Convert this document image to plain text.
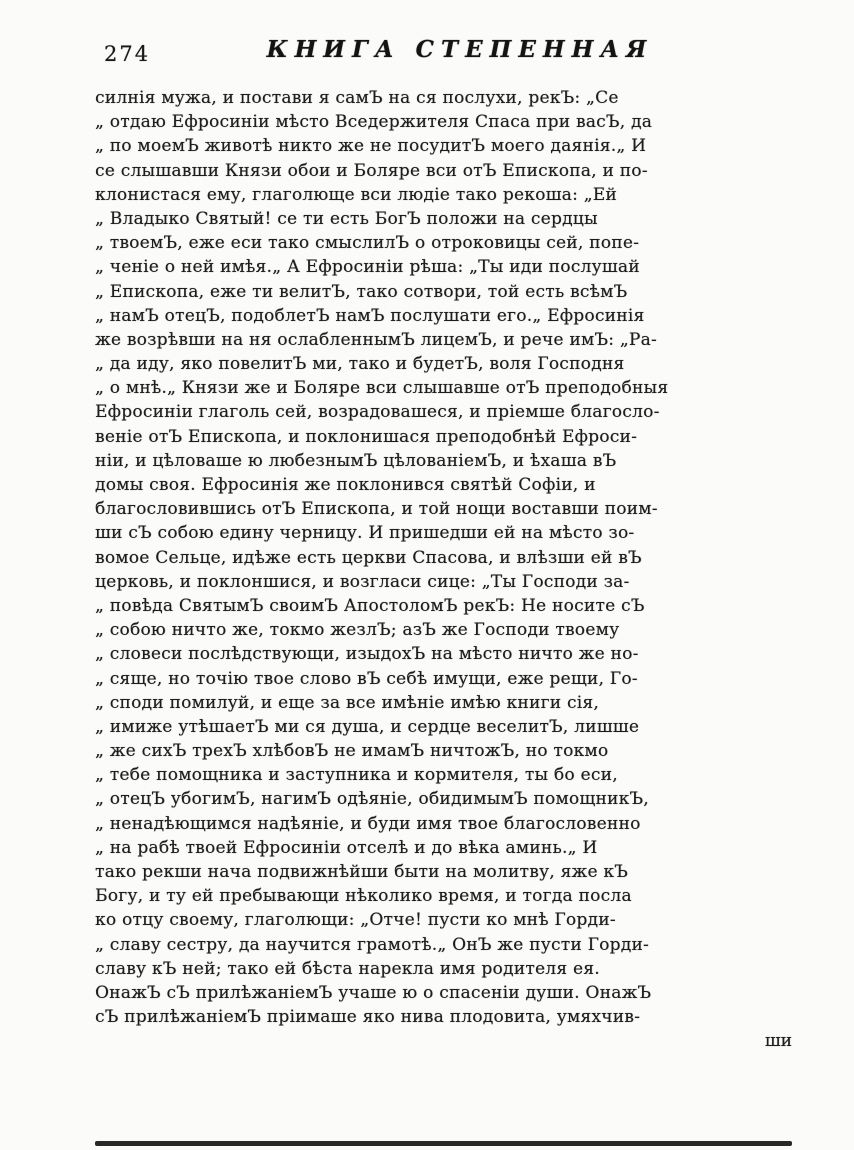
274	КНИГА СТЕПЕННАЯ
силнія мужа, и постави я самЪ на ся послухи, рекЪ: „Се
„ отдаю Ефросиніи мѣсто Вседержителя Спаса при васЪ, да
„ по моемЪ животѣ никто же не посудитЪ моего даянія.„ И
се слышавши Князи обои и Боляре вси отЪ Епископа, и по-
клонистася ему, глаголюще вси людіе тако рекоша: „Ей
„ Владыко Святый! се ти есть БогЪ положи на сердцы
„ твоемЪ, еже еси тако смыслилЪ о отроковицы сей, попе-
„ ченіе о ней имѣя.„ А Ефросиніи рѣша: „Ты иди послушай
„ Епископа, еже ти велитЪ, тако сотвори, той есть всѣмЪ
„ намЪ отецЪ, подоблетЪ намЪ послушати его.„ Ефросинія
же возрѣвши на ня ослабленнымЪ лицемЪ, и рече имЪ: „Ра-
„ да иду, яко повелитЪ ми, тако и будетЪ, воля Господня
„ о мнѣ.„ Князи же и Боляре вси слышавше отЪ преподобныя
Ефросиніи глаголь сей, возрадовашеся, и пріемше благосло-
веніе отЪ Епископа, и поклонишася преподобнѣй Ефроси-
ніи, и цѣловаше ю любезнымЪ цѣлованіемЪ, и ѣхаша вЪ
домы своя. Ефросинія же поклонився святѣй Софіи, и
благословившись отЪ Епископа, и той нощи воставши поим-
ши сЪ собою едину черницу. И пришедши ей на мѣсто зо-
вомое Сельце, идѣже есть церкви Спасова, и влѣзши ей вЪ
церковь, и поклоншися, и возгласи сице: „Ты Господи за-
„ повѣда СвятымЪ своимЪ АпостоломЪ рекЪ: Не носите сЪ
„ собою ничто же, токмо жезлЪ; азЪ же Господи твоему
„ словеси послѣдствующи, изыдохЪ на мѣсто ничто же но-
„ сяще, но точію твое слово вЪ себѣ имущи, еже рещи, Го-
„ споди помилуй, и еще за все имѣніе имѣю книги сія,
„ имиже утѣшаетЪ ми ся душа, и сердце веселитЪ, лишше
„ же сихЪ трехЪ хлѣбовЪ не имамЪ ничтожЪ, но токмо
„ тебе помощника и заступника и кормителя, ты бо еси,
„ отецЪ убогимЪ, нагимЪ одѣяніе, обидимымЪ помощникЪ,
„ ненадѣющимся надѣяніе, и буди имя твое благословенно
„ на рабѣ твоей Ефросиніи отселѣ и до вѣка аминь.„ И
тако рекши нача подвижнѣйши быти на молитву, яже кЪ
Богу, и ту ей пребывающи нѣколико время, и тогда посла
ко отцу своему, глаголющи: „Отче! пусти ко мнѣ Горди-
„ славу сестру, да научится грамотѣ.„ ОнЪ же пусти Горди-
славу кЪ ней; тако ей бѣста нарекла имя родителя ея.
ОнажЪ сЪ прилѣжаніемЪ учаше ю о спасеніи души. ОнажЪ
сЪ прилѣжаніемЪ пріимаше яко нива плодовита, умяхчив-
ши
